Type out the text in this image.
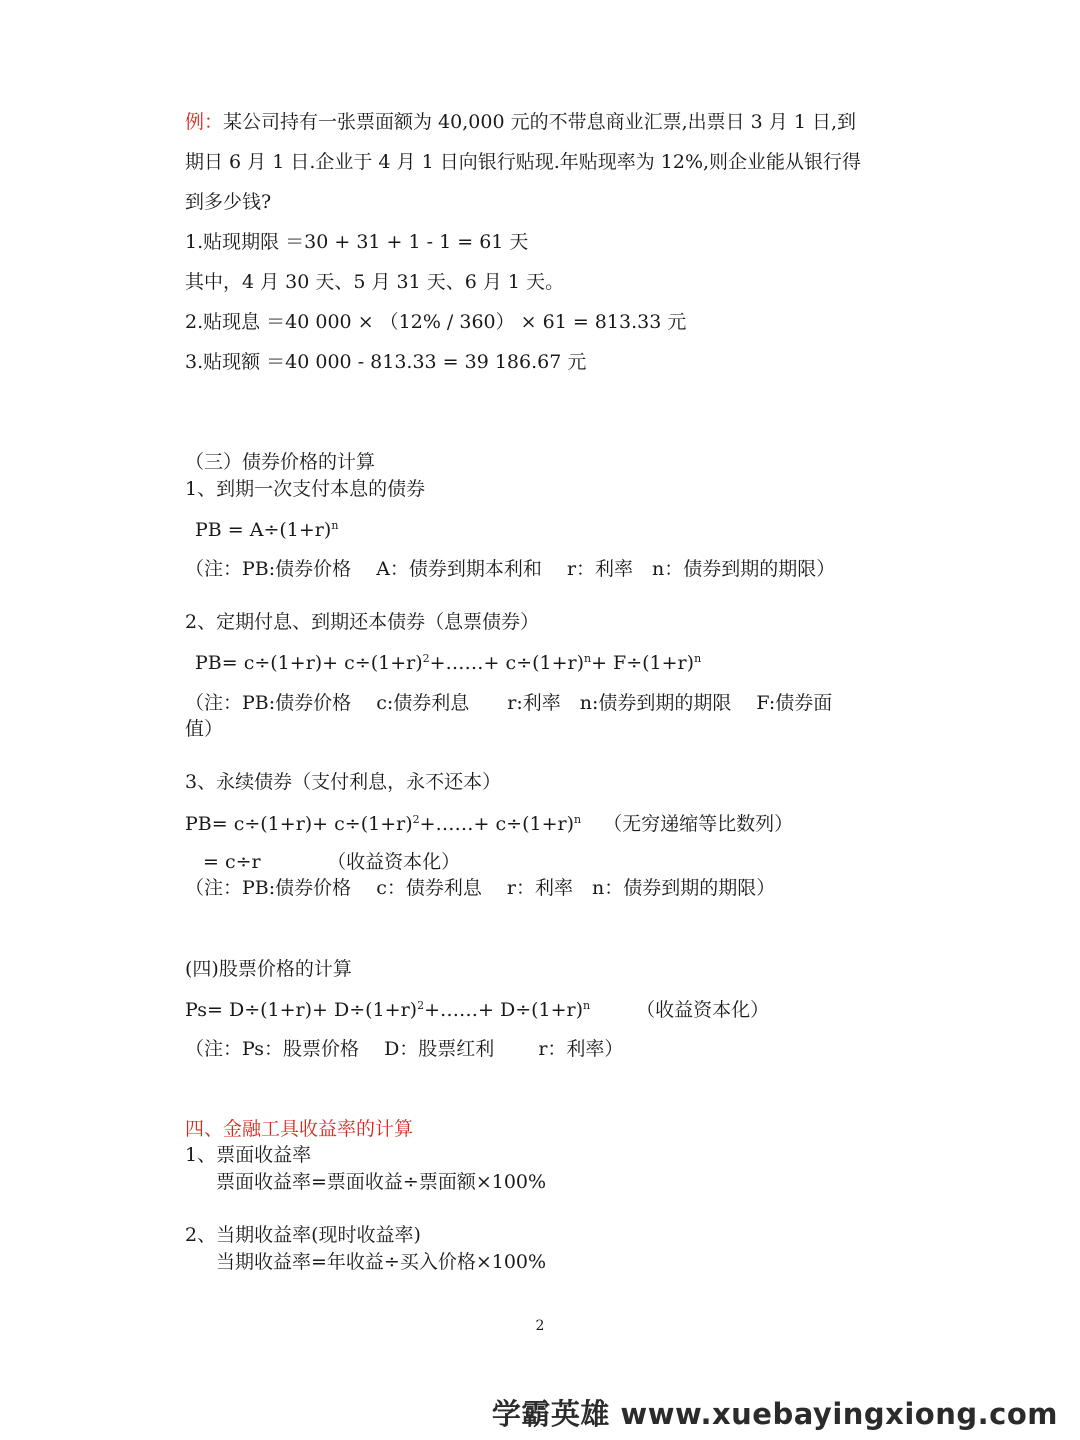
例：某公司持有一张票面额为 40,000 元的不带息商业汇票,出票日 3 月 1 日,到
期日 6 月 1 日.企业于 4 月 1 日向银行贴现.年贴现率为 12%,则企业能从银行得
到多少钱?
1.贴现期限 ＝30 + 31 + 1 - 1 = 61 天
其中，4 月 30 天、5 月 31 天、6 月 1 天。
2.贴现息 ＝40 000 × （12% / 360） × 61 = 813.33 元
3.贴现额 ＝40 000 - 813.33 = 39 186.67 元
（三）债券价格的计算
1、到期一次支付本息的债券
PB = $A\div(1+r)^n$
（注：PB:债券价格　 A：债券到期本利和　 r：利率　n：债券到期的期限）
2、定期付息、到期还本债券（息票债券）
$PB= c\div(1+r)+ c\div(1+r)^2+\dots\dots+ c\div(1+r)^n+ F\div(1+r)^n$
（注：PB:债券价格　 c:债券利息　　r:利率　n:债券到期的期限　 F:债券面
值）
3、永续债券（支付利息，永不还本）
$PB= c\div(1+r)+ c\div(1+r)^2+\dots\dots+ c\div(1+r)^n$ （无穷递缩等比数列）
= c÷r　　　　（收益资本化）
（注：PB:债券价格　 c：债券利息　 r：利率　n：债券到期的期限）
(四)股票价格的计算
$Ps= D\div(1+r)+ D\div(1+r)^2+\dots\dots+ D\div(1+r)^n$ （收益资本化）
（注：Ps：股票价格　 D：股票红利　　 r：利率）
四、金融工具收益率的计算
1、票面收益率
票面收益率=票面收益÷票面额×100%
2、当期收益率(现时收益率)
当期收益率=年收益÷买入价格×100%
2
学霸英雄 www.xuebayingxiong.com
